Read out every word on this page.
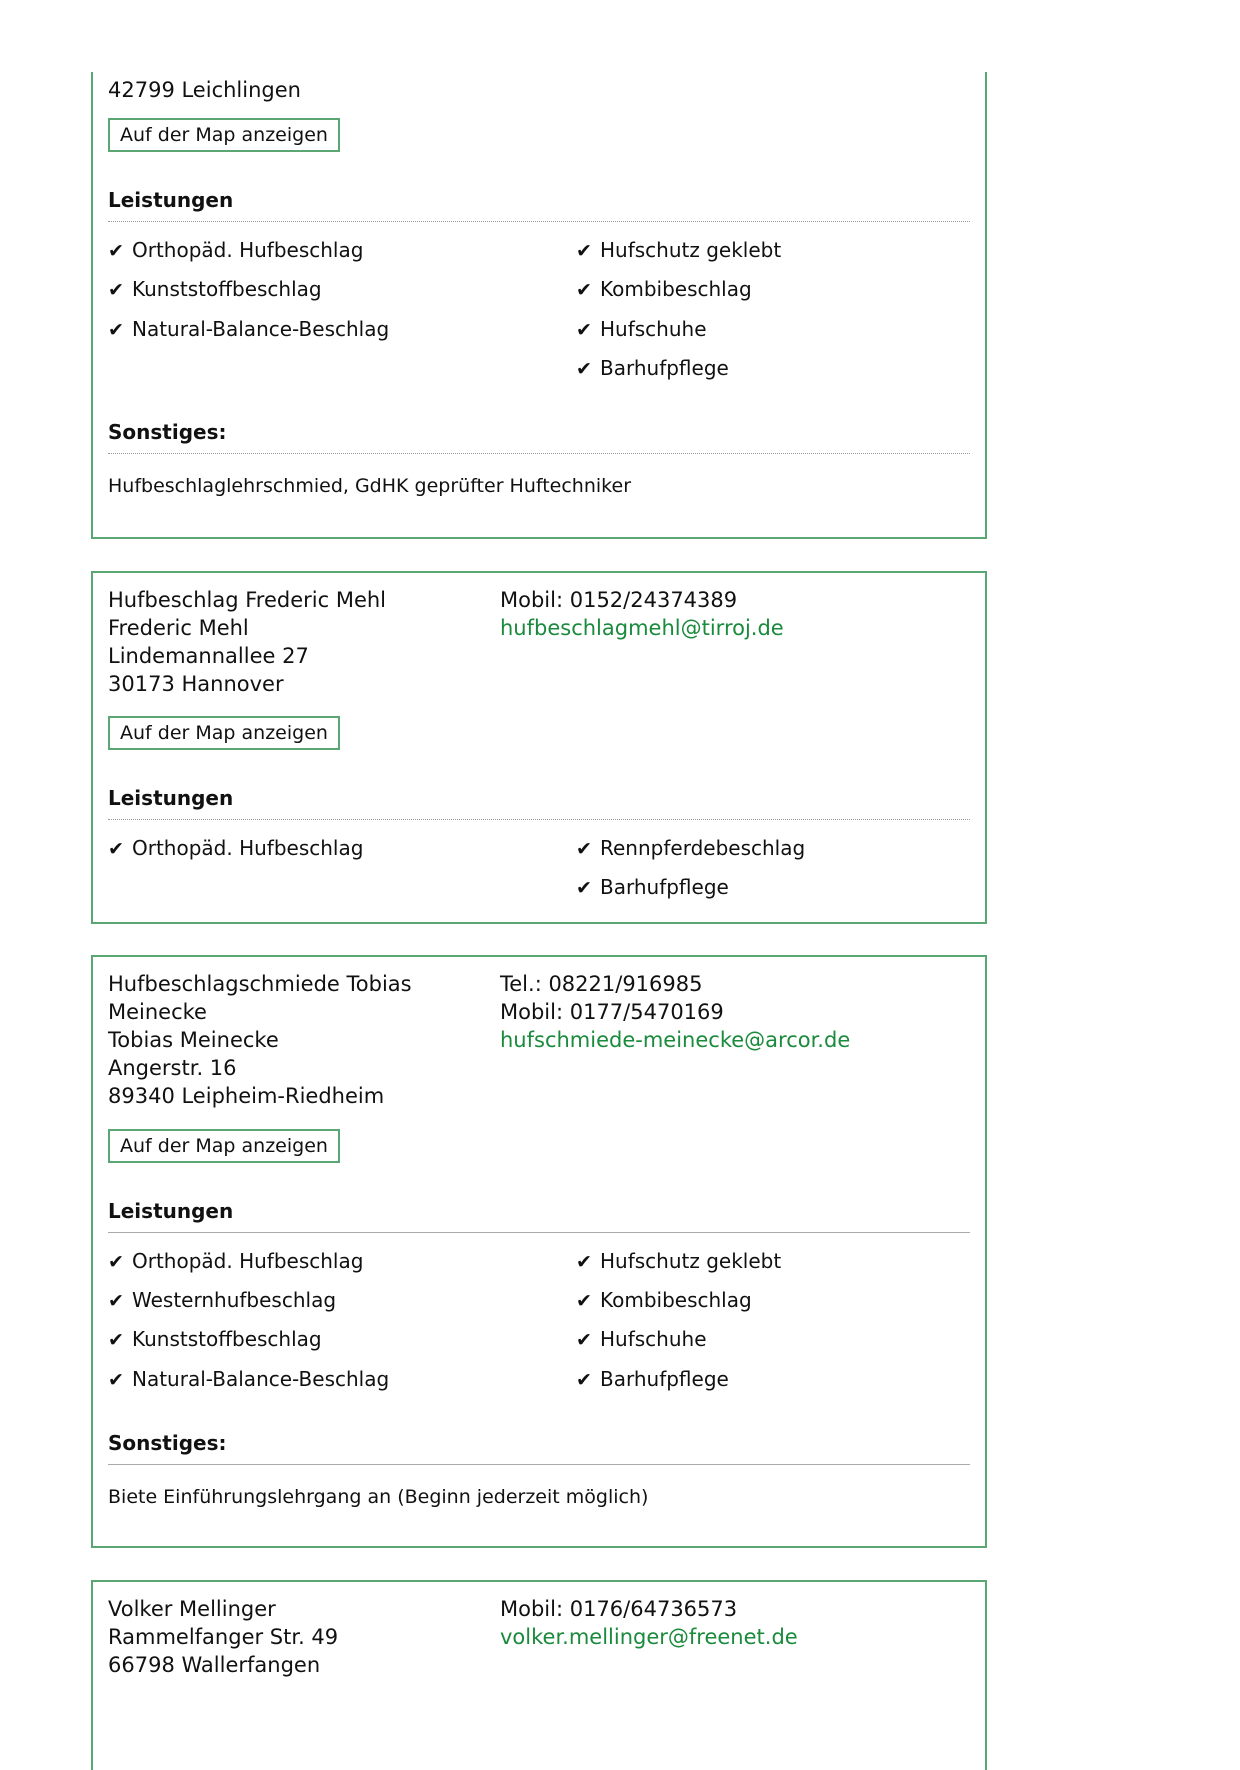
42799 Leichlingen
Auf der Map anzeigen
Leistungen
✔ Orthopäd. Hufbeschlag
✔ Kunststoffbeschlag
✔ Natural-Balance-Beschlag
✔ Hufschutz geklebt
✔ Kombibeschlag
✔ Hufschuhe
✔ Barhufpflege
Sonstiges:
Hufbeschlaglehrschmied, GdHK geprüfter Huftechniker
Hufbeschlag Frederic Mehl
Frederic Mehl
Lindemannallee 27
30173 Hannover
Mobil: 0152/24374389
hufbeschlagmehl@tirroj.de
Auf der Map anzeigen
Leistungen
✔ Orthopäd. Hufbeschlag	✔ Rennpferdebeschlag
✔ Barhufpflege
Hufbeschlagschmiede Tobias
Meinecke
Tobias Meinecke
Angerstr. 16
89340 Leipheim-Riedheim
Tel.: 08221/916985
Mobil: 0177/5470169
hufschmiede-meinecke@arcor.de
Auf der Map anzeigen
Leistungen
✔ Orthopäd. Hufbeschlag
✔ Westernhufbeschlag
✔ Kunststoffbeschlag
✔ Natural-Balance-Beschlag
✔ Hufschutz geklebt
✔ Kombibeschlag
✔ Hufschuhe
✔ Barhufpflege
Sonstiges:
Biete Einführungslehrgang an (Beginn jederzeit möglich)
Volker Mellinger
Rammelfanger Str. 49
66798 Wallerfangen
Mobil: 0176/64736573
volker.mellinger@freenet.de
